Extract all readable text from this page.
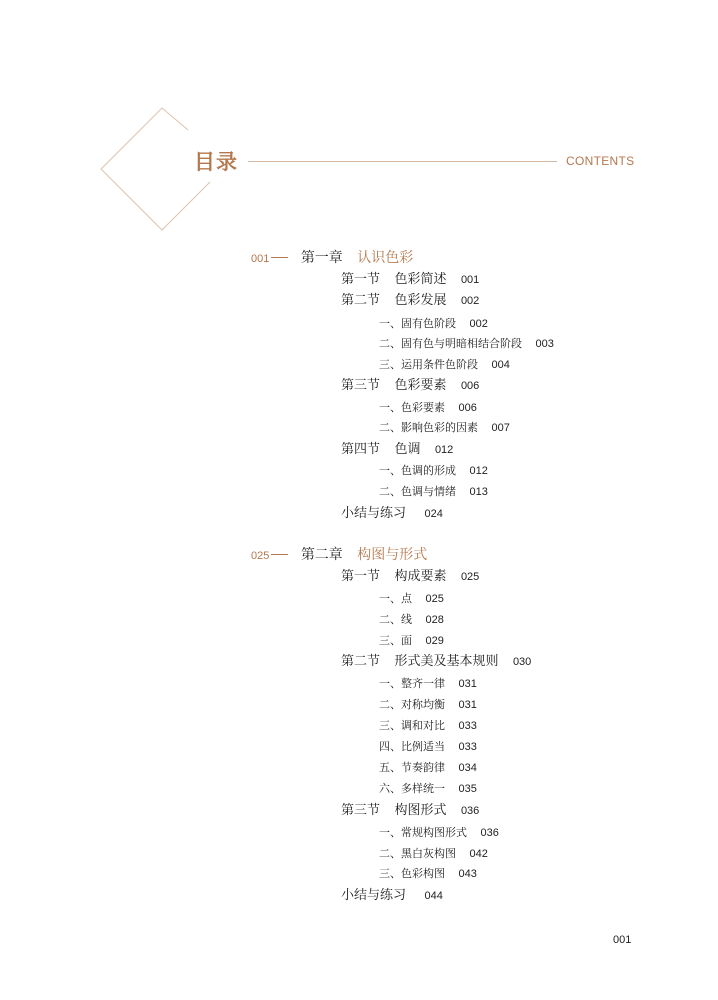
目录	CONTENTS
001 第一章 认识色彩
第一节 色彩简述 001
第二节 色彩发展 002
一、固有色阶段 002
二、固有色与明暗相结合阶段 003
三、运用条件色阶段 004
第三节 色彩要素 006
一、色彩要素 006
二、影响色彩的因素 007
第四节 色调 012
一、色调的形成 012
二、色调与情绪 013
小结与练习 024
025 第二章 构图与形式
第一节 构成要素 025
一、点 025
二、线 028
三、面 029
第二节 形式美及基本规则 030
一、整齐一律 031
二、对称均衡 031
三、调和对比 033
四、比例适当 033
五、节奏韵律 034
六、多样统一 035
第三节 构图形式 036
一、常规构图形式 036
二、黑白灰构图 042
三、色彩构图 043
小结与练习 044
001
